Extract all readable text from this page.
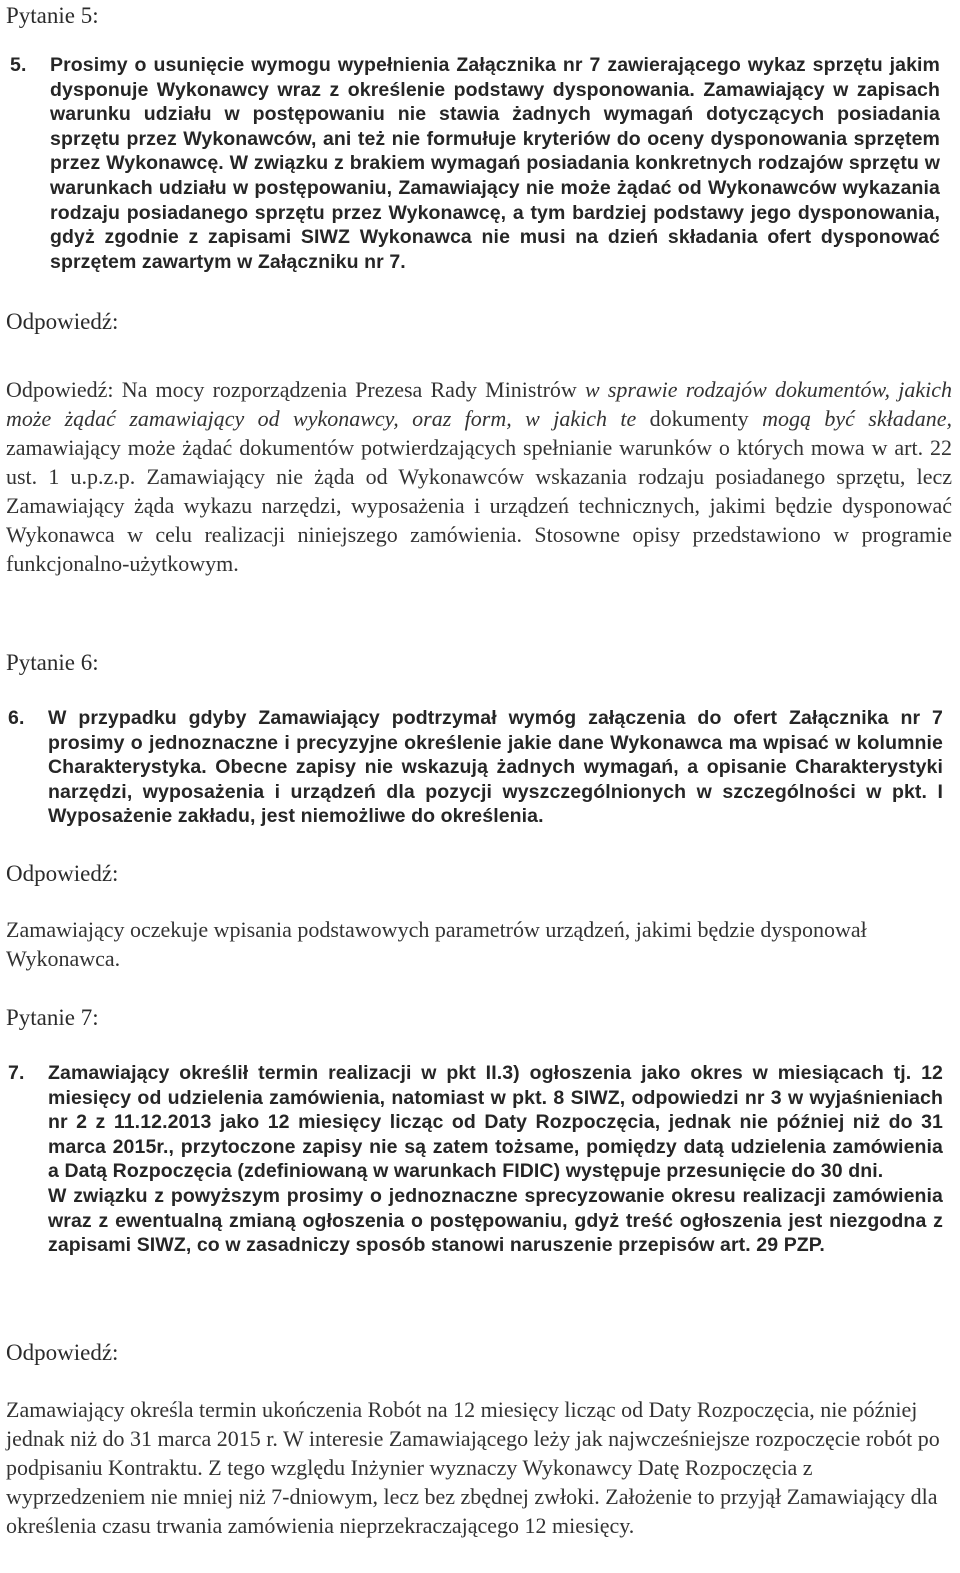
Pytanie 5:
5.	Prosimy o usunięcie wymogu wypełnienia Załącznika nr 7 zawierającego wykaz sprzętu jakim dysponuje Wykonawcy wraz z określenie podstawy dysponowania. Zamawiający w zapisach warunku udziału w postępowaniu nie stawia żadnych wymagań dotyczących posiadania sprzętu przez Wykonawców, ani też nie formułuje kryteriów do oceny dysponowania sprzętem przez Wykonawcę. W związku z brakiem wymagań posiadania konkretnych rodzajów sprzętu w warunkach udziału w postępowaniu, Zamawiający nie może żądać od Wykonawców wykazania rodzaju posiadanego sprzętu przez Wykonawcę, a tym bardziej podstawy jego dysponowania, gdyż zgodnie z zapisami SIWZ Wykonawca nie musi na dzień składania ofert dysponować sprzętem zawartym w Załączniku nr 7.
Odpowiedź:
Odpowiedź: Na mocy rozporządzenia Prezesa Rady Ministrów w sprawie rodzajów dokumentów, jakich może żądać zamawiający od wykonawcy, oraz form, w jakich te dokumenty mogą być składane, zamawiający może żądać dokumentów potwierdzających spełnianie warunków o których mowa w art. 22 ust. 1 u.p.z.p. Zamawiający nie żąda od Wykonawców wskazania rodzaju posiadanego sprzętu, lecz Zamawiający żąda wykazu narzędzi, wyposażenia i urządzeń technicznych, jakimi będzie dysponować Wykonawca w celu realizacji niniejszego zamówienia. Stosowne opisy przedstawiono w programie funkcjonalno-użytkowym.
Pytanie 6:
6.	W przypadku gdyby Zamawiający podtrzymał wymóg załączenia do ofert Załącznika nr 7 prosimy o jednoznaczne i precyzyjne określenie jakie dane Wykonawca ma wpisać w kolumnie Charakterystyka. Obecne zapisy nie wskazują żadnych wymagań, a opisanie Charakterystyki narzędzi, wyposażenia i urządzeń dla pozycji wyszczególnionych w szczególności w pkt. I Wyposażenie zakładu, jest niemożliwe do określenia.
Odpowiedź:
Zamawiający oczekuje wpisania podstawowych parametrów urządzeń, jakimi będzie dysponował Wykonawca.
Pytanie 7:
7.	Zamawiający określił termin realizacji w pkt II.3) ogłoszenia jako okres w miesiącach tj. 12 miesięcy od udzielenia zamówienia, natomiast w pkt. 8 SIWZ, odpowiedzi nr 3 w wyjaśnieniach nr 2 z 11.12.2013 jako 12 miesięcy licząc od Daty Rozpoczęcia, jednak nie później niż do 31 marca 2015r., przytoczone zapisy nie są zatem tożsame, pomiędzy datą udzielenia zamówienia a Datą Rozpoczęcia (zdefiniowaną w warunkach FIDIC) występuje przesunięcie do 30 dni.
W związku z powyższym prosimy o jednoznaczne sprecyzowanie okresu realizacji zamówienia wraz z ewentualną zmianą ogłoszenia o postępowaniu, gdyż treść ogłoszenia jest niezgodna z zapisami SIWZ, co w zasadniczy sposób stanowi naruszenie przepisów art. 29 PZP.
Odpowiedź:
Zamawiający określa termin ukończenia Robót na 12 miesięcy licząc od Daty Rozpoczęcia, nie później jednak niż do 31 marca 2015 r. W interesie Zamawiającego leży jak najwcześniejsze rozpoczęcie robót po podpisaniu Kontraktu. Z tego względu Inżynier wyznaczy Wykonawcy Datę Rozpoczęcia z wyprzedzeniem nie mniej niż 7-dniowym, lecz bez zbędnej zwłoki. Założenie to przyjął Zamawiający dla określenia czasu trwania zamówienia nieprzekraczającego 12 miesięcy.
